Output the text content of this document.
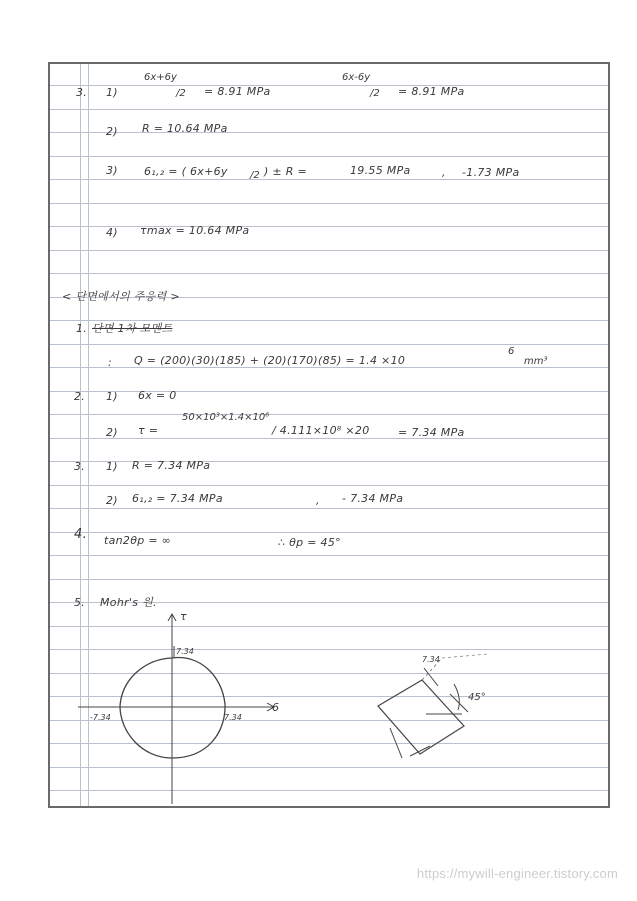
3. 1)
6x+6y
/2 = 8.91 MPa
6x-6y
/2 = 8.91 MPa
2) R = 10.64 MPa
3) 6₁,₂ = ( 6x+6y /2 ) ± R =	19.55 MPa	, -1.73 MPa
4) τmax = 10.64 MPa
< 단면에서의 주응력 >
1. 단면 1차 모멘트
: Q = (200)(30)(185) + (20)(170)(85) = 1.4 ×10
6
mm³
2. 1) 6x = 0
2) τ =
50×10³×1.4×10⁶
/ 4.111×10⁸ ×20	= 7.34 MPa
3. 1) R = 7.34 MPa
2) 6₁,₂ = 7.34 MPa	, - 7.34 MPa
4. tan2θp = ∞	∴ θp = 45°
5. Mohr's 원.
τ
6
7.34
-7.34	7.34
7.34
45°
https://mywill-engineer.tistory.com
